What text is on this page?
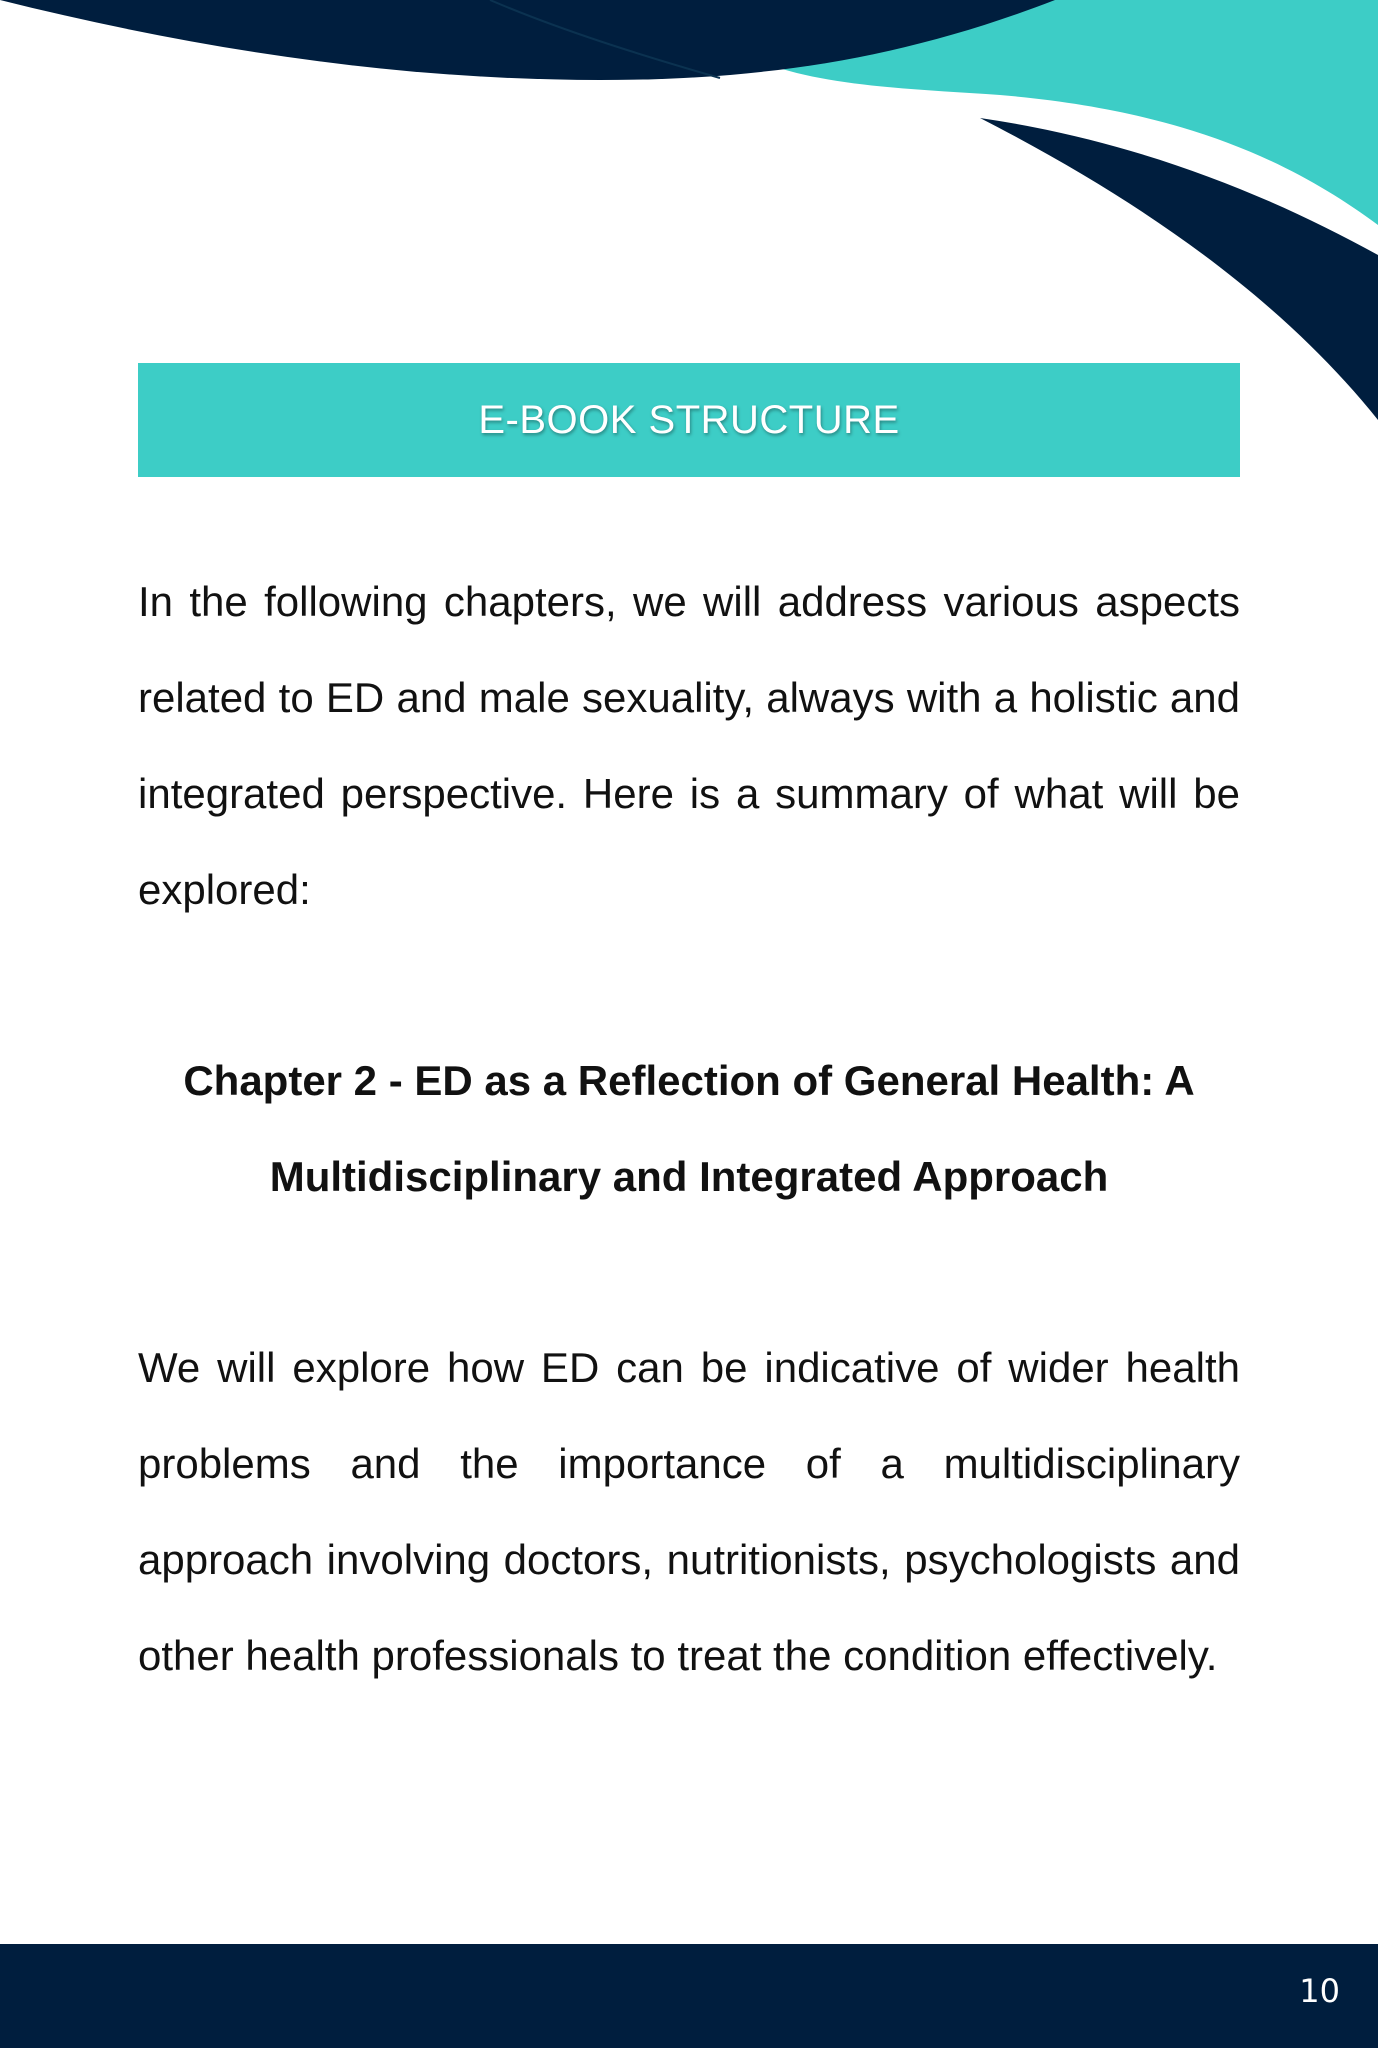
E-BOOK STRUCTURE

In the following chapters, we will address various aspects related to ED and male sexuality, always with a holistic and integrated perspective. Here is a summary of what will be explored:

Chapter 2 - ED as a Reflection of General Health: A
Multidisciplinary and Integrated Approach

We will explore how ED can be indicative of wider health problems and the importance of a multidisciplinary approach involving doctors, nutritionists, psychologists and other health professionals to treat the condition effectively.

10
